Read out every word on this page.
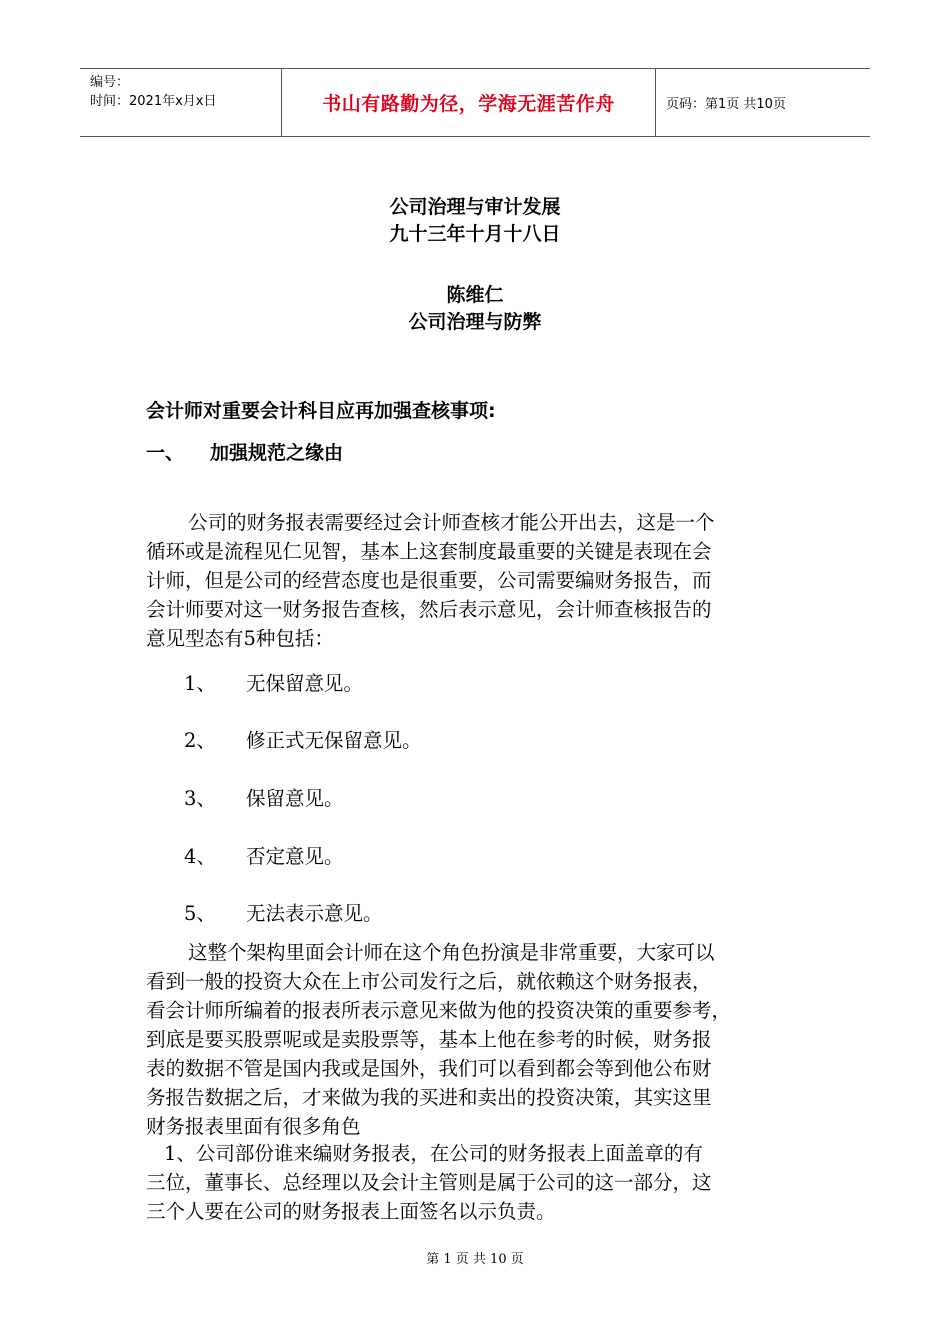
编号：
时间：2021年x月x日	书山有路勤为径，学海无涯苦作舟	页码：第1页 共10页
公司治理与审计发展
九十三年十月十八日
陈维仁
公司治理与防弊
会计师对重要会计科目应再加强查核事项:
一、 加强规范之缘由
公司的财务报表需要经过会计师查核才能公开出去，这是一个
循环或是流程见仁见智，基本上这套制度最重要的关键是表现在会
计师，但是公司的经营态度也是很重要，公司需要编财务报告，而
会计师要对这一财务报告查核，然后表示意见，会计师查核报告的
意见型态有5种包括：
1、 无保留意见。
2、 修正式无保留意见。
3、 保留意见。
4、 否定意见。
5、 无法表示意见。
这整个架构里面会计师在这个角色扮演是非常重要，大家可以
看到一般的投资大众在上市公司发行之后，就依赖这个财务报表，
看会计师所编着的报表所表示意见来做为他的投资决策的重要参考，
到底是要买股票呢或是卖股票等，基本上他在参考的时候，财务报
表的数据不管是国内我或是国外，我们可以看到都会等到他公布财
务报告数据之后，才来做为我的买进和卖出的投资决策，其实这里
财务报表里面有很多角色
1、公司部份谁来编财务报表，在公司的财务报表上面盖章的有
三位，董事长、总经理以及会计主管则是属于公司的这一部分，这
三个人要在公司的财务报表上面签名以示负责。
第 1 页 共 10 页
